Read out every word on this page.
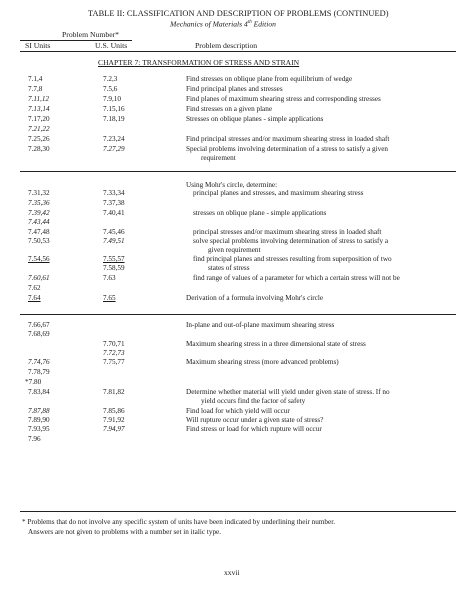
TABLE II: CLASSIFICATION AND DESCRIPTION OF PROBLEMS (CONTINUED)
Mechanics of Materials 4th Edition
Problem Number*
SI Units	U.S. Units	Problem description
CHAPTER 7: TRANSFORMATION OF STRESS AND STRAIN
7.1,4
7.7,8
7.11,12
7.13,14
7.17,20
7.21,22
7.25,26
7.28,30
7.2,3
7.5,6
7.9,10
7.15,16
7.18,19
7.23,24
7.27,29
Find stresses on oblique plane from equilibrium of wedge
Find principal planes and stresses
Find planes of maximum shearing stress and corresponding stresses
Find stresses on a given plane
Stresses on oblique planes - simple applications
Find principal stresses and/or maximum shearing stress in loaded shaft
Special problems involving determination of a stress to satisfy a given
requirement
Using Mohr's circle, determine:
7.31,32
7.35,36
7.39,42
7.43,44
7.47,48
7.50,53
7.54,56
7.60,61
7.62
7.64
7.33,34
7.37,38
7.40,41
7.45,46
7.49,51
7.55,57
7.58,59
7.63
7.65
principal planes and stresses, and maximum shearing stress
stresses on oblique plane - simple applications
principal stresses and/or maximum shearing stress in loaded shaft
solve special problems involving determination of stress to satisfy a
given requirement
find principal planes and stresses resulting from superposition of two
states of stress
find range of values of a parameter for which a certain stress will not be
Derivation of a formula involving Mohr's circle
7.66,67
7.68,69
7.74,76
7.78,79
*7.80
7.83,84
7.87,88
7.89,90
7.93,95
7.96
7.70,71
7.72,73
7.75,77
7.81,82
7.85,86
7.91,92
7.94,97
In-plane and out-of-plane maximum shearing stress
Maximum shearing stress in a three dimensional state of stress
Maximum shearing stress (more advanced problems)
Determine whether material will yield under given state of stress. If no
yield occurs find the factor of safety
Find load for which yield will occur
Will rupture occur under a given state of stress?
Find stress or load for which rupture will occur
* Problems that do not involve any specific system of units have been indicated by underlining their number.
Answers are not given to problems with a number set in italic type.
xxvii
